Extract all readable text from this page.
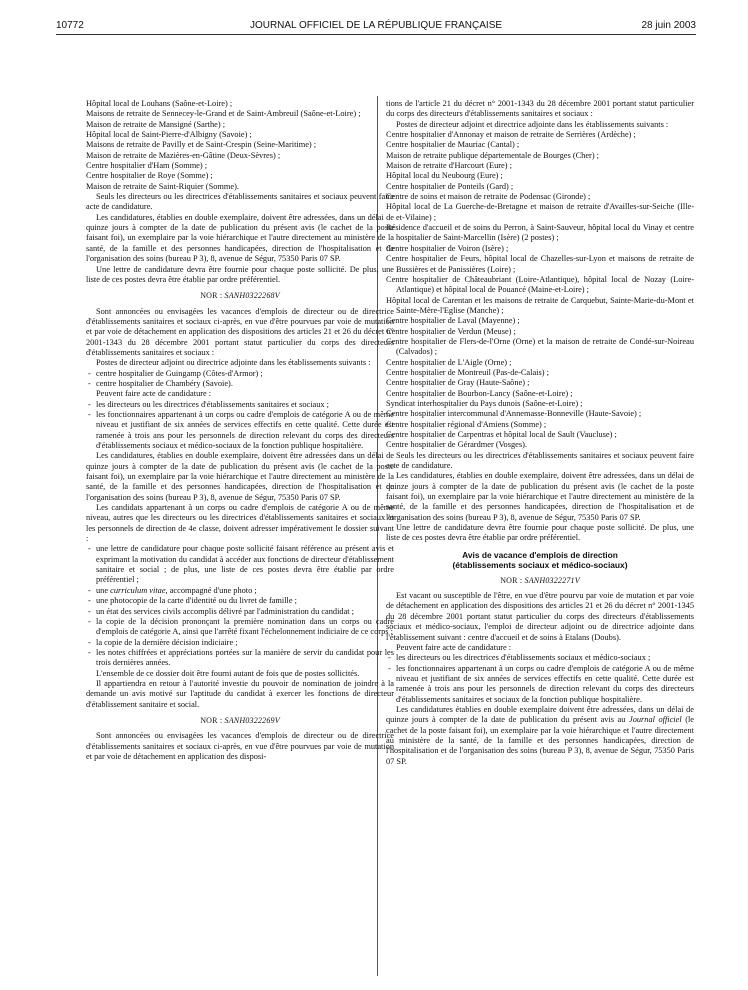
10772	JOURNAL OFFICIEL DE LA RÉPUBLIQUE FRANÇAISE	28 juin 2003

Hôpital local de Louhans (Saône-et-Loire) ;

Maisons de retraite de Sennecey-le-Grand et de Saint-Ambreuil (Saône-et-Loire) ;

Maison de retraite de Mansigné (Sarthe) ;

Hôpital local de Saint-Pierre-d'Albigny (Savoie) ;

Maisons de retraite de Pavilly et de Saint-Crespin (Seine-Maritime) ;

Maison de retraite de Mazières-en-Gâtine (Deux-Sèvres) ;

Centre hospitalier d'Ham (Somme) ;

Centre hospitalier de Roye (Somme) ;

Maison de retraite de Saint-Riquier (Somme).

Seuls les directeurs ou les directrices d'établissements sanitaires et sociaux peuvent faire acte de candidature.

Les candidatures, établies en double exemplaire, doivent être adressées, dans un délai de quinze jours à compter de la date de publication du présent avis (le cachet de la poste faisant foi), un exemplaire par la voie hiérarchique et l'autre directement au ministère de la santé, de la famille et des personnes handicapées, direction de l'hospitalisation et de l'organisation des soins (bureau P 3), 8, avenue de Ségur, 75350 Paris 07 SP.

Une lettre de candidature devra être fournie pour chaque poste sollicité. De plus, une liste de ces postes devra être établie par ordre préférentiel.

NOR : SANH0322268V

Sont annoncées ou envisagées les vacances d'emplois de directeur ou de directrice d'établissements sanitaires et sociaux ci-après, en vue d'être pourvues par voie de mutation et par voie de détachement en application des dispositions des articles 21 et 26 du décret n° 2001-1343 du 28 décembre 2001 portant statut particulier du corps des directeurs d'établissements sanitaires et sociaux :

Postes de directeur adjoint ou directrice adjointe dans les établissements suivants :

- centre hospitalier de Guingamp (Côtes-d'Armor) ;
- centre hospitalier de Chambéry (Savoie).

Peuvent faire acte de candidature :

- les directeurs ou les directrices d'établissements sanitaires et sociaux ;
- les fonctionnaires appartenant à un corps ou cadre d'emplois de catégorie A ou de même niveau et justifiant de six années de services effectifs en cette qualité. Cette durée est ramenée à trois ans pour les personnels de direction relevant du corps des directeurs d'établissements sociaux et médico-sociaux de la fonction publique hospitalière.

Les candidatures, établies en double exemplaire, doivent être adressées dans un délai de quinze jours à compter de la date de publication du présent avis (le cachet de la poste faisant foi), un exemplaire par la voie hiérarchique et l'autre directement au ministère de la santé, de la famille et des personnes handicapées, direction de l'hospitalisation et de l'organisation des soins (bureau P 3), 8, avenue de Ségur, 75350 Paris 07 SP.

Les candidats appartenant à un corps ou cadre d'emplois de catégorie A ou de même niveau, autres que les directeurs ou les directrices d'établissements sanitaires et sociaux et les personnels de direction de 4e classe, doivent adresser impérativement le dossier suivant :

- une lettre de candidature pour chaque poste sollicité faisant référence au présent avis et exprimant la motivation du candidat à accéder aux fonctions de directeur d'établissement sanitaire et social ; de plus, une liste de ces postes devra être établie par ordre préférentiel ;
- une curriculum vitae, accompagné d'une photo ;
- une photocopie de la carte d'identité ou du livret de famille ;
- un état des services civils accomplis délivré par l'administration du candidat ;
- la copie de la décision prononçant la première nomination dans un corps ou cadre d'emplois de catégorie A, ainsi que l'arrêté fixant l'échelonnement indiciaire de ce corps ;
- la copie de la dernière décision indiciaire ;
- les notes chiffrées et appréciations portées sur la manière de servir du candidat pour les trois dernières années.

L'ensemble de ce dossier doit être fourni autant de fois que de postes sollicités.

Il appartiendra en retour à l'autorité investie du pouvoir de nomination de joindre à la demande un avis motivé sur l'aptitude du candidat à exercer les fonctions de directeur d'établissement sanitaire et social.

NOR : SANH0322269V

Sont annoncées ou envisagées les vacances d'emplois de directeur ou de directrice d'établissements sanitaires et sociaux ci-après, en vue d'être pourvues par voie de mutation et par voie de détachement en application des disposi-

tions de l'article 21 du décret n° 2001-1343 du 28 décembre 2001 portant statut particulier du corps des directeurs d'établissements sanitaires et sociaux :

Postes de directeur adjoint et directrice adjointe dans les établissements suivants :

Centre hospitalier d'Annonay et maison de retraite de Serrières (Ardèche) ;

Centre hospitalier de Mauriac (Cantal) ;

Maison de retraite publique départementale de Bourges (Cher) ;

Maison de retraite d'Harcourt (Eure) ;

Hôpital local du Neubourg (Eure) ;

Centre hospitalier de Ponteils (Gard) ;

Centre de soins et maison de retraite de Podensac (Gironde) ;

Hôpital local de La Guerche-de-Bretagne et maison de retraite d'Availles-sur-Seiche (Ille-et-Vilaine) ;

Résidence d'accueil et de soins du Perron, à Saint-Sauveur, hôpital local du Vinay et centre hospitalier de Saint-Marcellin (Isère) (2 postes) ;

Centre hospitalier de Voiron (Isère) ;

Centre hospitalier de Feurs, hôpital local de Chazelles-sur-Lyon et maisons de retraite de Bussières et de Panissières (Loire) ;

Centre hospitalier de Châteaubriant (Loire-Atlantique), hôpital local de Nozay (Loire-Atlantique) et hôpital local de Pouancé (Maine-et-Loire) ;

Hôpital local de Carentan et les maisons de retraite de Carquebut, Sainte-Marie-du-Mont et Sainte-Mère-l'Eglise (Manche) ;

Centre hospitalier de Laval (Mayenne) ;

Centre hospitalier de Verdun (Meuse) ;

Centre hospitalier de Flers-de-l'Orne (Orne) et la maison de retraite de Condé-sur-Noireau (Calvados) ;

Centre hospitalier de L'Aigle (Orne) ;

Centre hospitalier de Montreuil (Pas-de-Calais) ;

Centre hospitalier de Gray (Haute-Saône) ;

Centre hospitalier de Bourbon-Lancy (Saône-et-Loire) ;

Syndicat interhospitalier du Pays dunois (Saône-et-Loire) ;

Centre hospitalier intercommunal d'Annemasse-Bonneville (Haute-Savoie) ;

Centre hospitalier régional d'Amiens (Somme) ;

Centre hospitalier de Carpentras et hôpital local de Sault (Vaucluse) ;

Centre hospitalier de Gérardmer (Vosges).

Seuls les directeurs ou les directrices d'établissements sanitaires et sociaux peuvent faire acte de candidature.

Les candidatures, établies en double exemplaire, doivent être adressées, dans un délai de quinze jours à compter de la date de publication du présent avis (le cachet de la poste faisant foi), un exemplaire par la voie hiérarchique et l'autre directement au ministère de la santé, de la famille et des personnes handicapées, direction de l'hospitalisation et de l'organisation des soins (bureau P 3), 8, avenue de Ségur, 75350 Paris 07 SP.

Une lettre de candidature devra être fournie pour chaque poste sollicité. De plus, une liste de ces postes devra être établie par ordre préférentiel.

Avis de vacance d'emplois de direction
(établissements sociaux et médico-sociaux)

NOR : SANH0322271V

Est vacant ou susceptible de l'être, en vue d'être pourvu par voie de mutation et par voie de détachement en application des dispositions des articles 21 et 26 du décret n° 2001-1345 du 28 décembre 2001 portant statut particulier du corps des directeurs d'établissements sociaux et médico-sociaux, l'emploi de directeur adjoint ou de directrice adjointe dans l'établissement suivant : centre d'accueil et de soins à Etalans (Doubs).

Peuvent faire acte de candidature :

- les directeurs ou les directrices d'établissements sociaux et médico-sociaux ;
- les fonctionnaires appartenant à un corps ou cadre d'emplois de catégorie A ou de même niveau et justifiant de six années de services effectifs en cette qualité. Cette durée est ramenée à trois ans pour les personnels de direction relevant du corps des directeurs d'établissements sanitaires et sociaux de la fonction publique hospitalière.

Les candidatures établies en double exemplaire doivent être adressées, dans un délai de quinze jours à compter de la date de publication du présent avis au Journal officiel (le cachet de la poste faisant foi), un exemplaire par la voie hiérarchique et l'autre directement au ministère de la santé, de la famille et des personnes handicapées, direction de l'hospitalisation et de l'organisation des soins (bureau P 3), 8, avenue de Ségur, 75350 Paris 07 SP.
